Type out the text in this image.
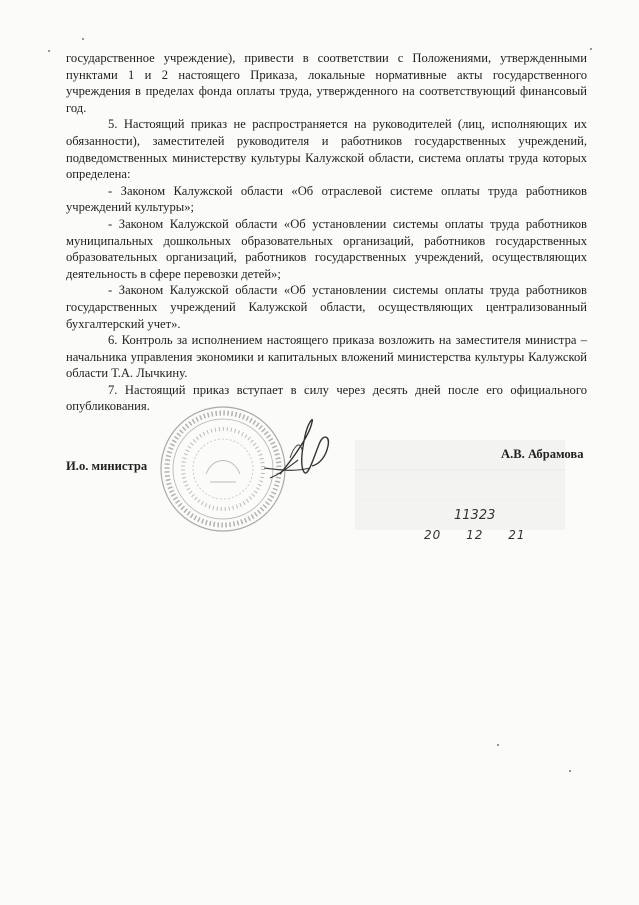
государственное учреждение), привести в соответствии с Положениями, утвержденными пунктами 1 и 2 настоящего Приказа, локальные нормативные акты государственного учреждения в пределах фонда оплаты труда, утвержденного на соответствующий финансовый год.

5. Настоящий приказ не распространяется на руководителей (лиц, исполняющих их обязанности), заместителей руководителя и работников государственных учреждений, подведомственных министерству культуры Калужской области, система оплаты труда которых определена:

- Законом Калужской области «Об отраслевой системе оплаты труда работников учреждений культуры»;

- Законом Калужской области «Об установлении системы оплаты труда работников муниципальных дошкольных образовательных организаций, работников государственных образовательных организаций, работников государственных учреждений, осуществляющих деятельность в сфере перевозки детей»;

- Законом Калужской области «Об установлении системы оплаты труда работников государственных учреждений Калужской области, осуществляющих централизованный бухгалтерский учет».

6. Контроль за исполнением настоящего приказа возложить на заместителя министра – начальника управления экономики и капитальных вложений министерства культуры Калужской области Т.А. Лычкину.

7. Настоящий приказ вступает в силу через десять дней после его официального опубликования.

И.о. министра
А.В. Абрамова
11323
20 12 21
